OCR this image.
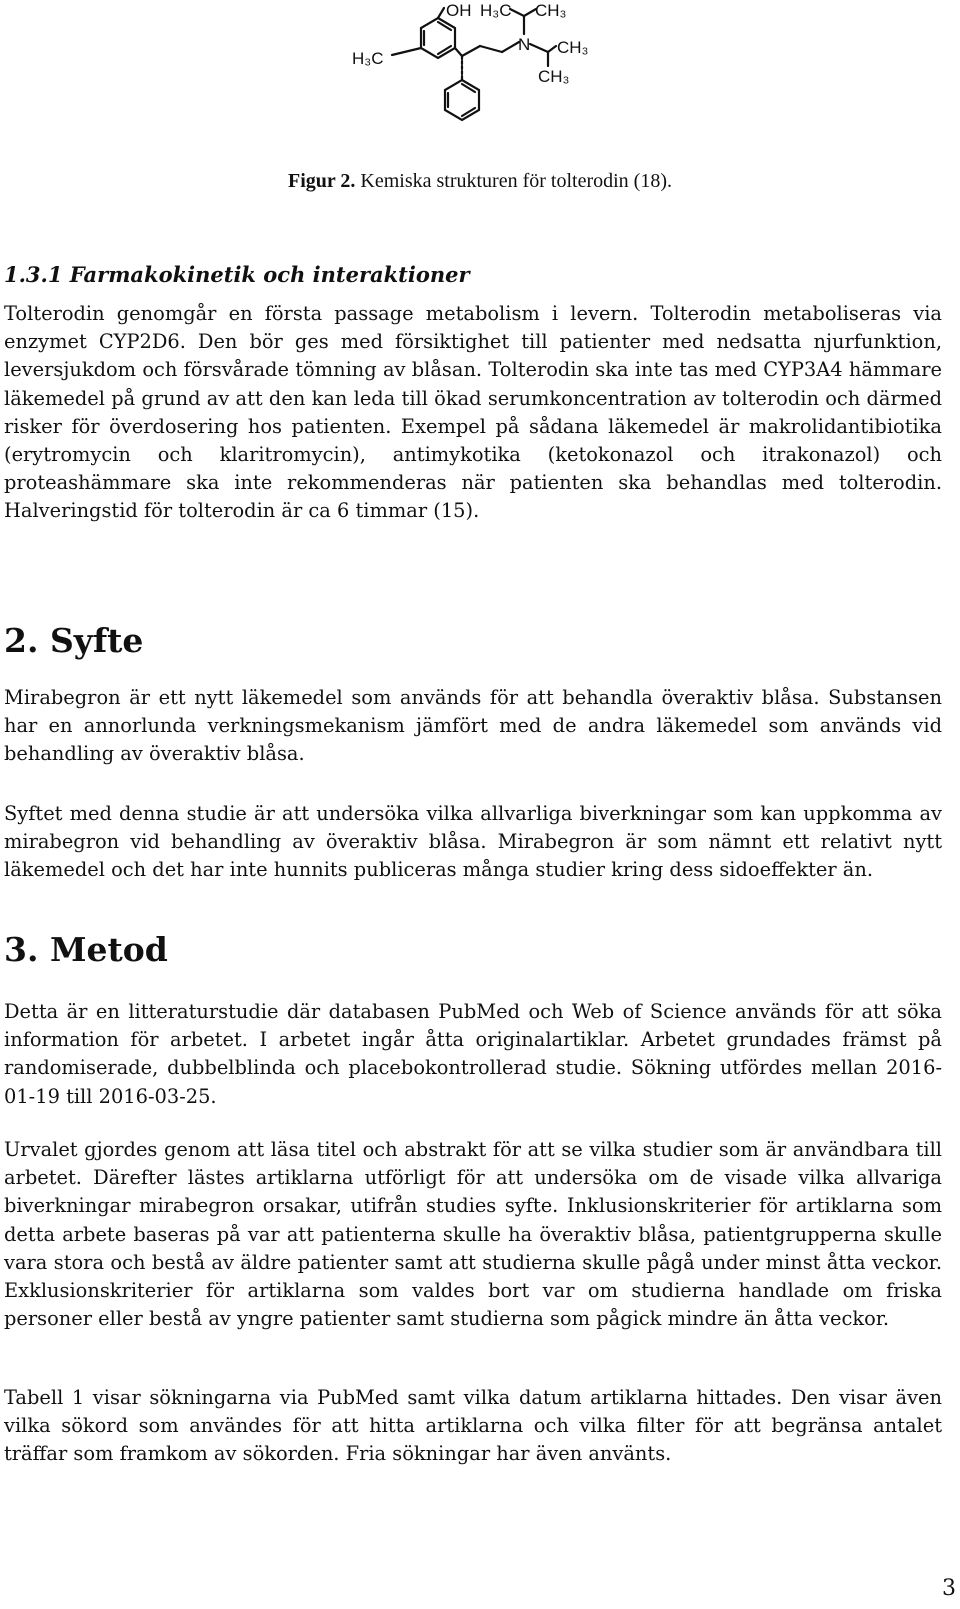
OH H₃C CH₃
N CH₃
CH₃
H₃C
Figur 2. Kemiska strukturen för tolterodin (18).
1.3.1 Farmakokinetik och interaktioner

Tolterodin genomgår en första passage metabolism i levern. Tolterodin metaboliseras via enzymet CYP2D6. Den bör ges med försiktighet till patienter med nedsatta njurfunktion, leversjukdom och försvårade tömning av blåsan. Tolterodin ska inte tas med CYP3A4 hämmare läkemedel på grund av att den kan leda till ökad serumkoncentration av tolterodin och därmed risker för överdosering hos patienten. Exempel på sådana läkemedel är makrolidantibiotika (erytromycin och klaritromycin), antimykotika (ketokonazol och itrakonazol) och proteashämmare ska inte rekommenderas när patienten ska behandlas med tolterodin. Halveringstid för tolterodin är ca 6 timmar (15).

2. Syfte

Mirabegron är ett nytt läkemedel som används för att behandla överaktiv blåsa. Substansen har en annorlunda verkningsmekanism jämfört med de andra läkemedel som används vid behandling av överaktiv blåsa.

Syftet med denna studie är att undersöka vilka allvarliga biverkningar som kan uppkomma av mirabegron vid behandling av överaktiv blåsa. Mirabegron är som nämnt ett relativt nytt läkemedel och det har inte hunnits publiceras många studier kring dess sidoeffekter än.

3. Metod

Detta är en litteraturstudie där databasen PubMed och Web of Science används för att söka information för arbetet. I arbetet ingår åtta originalartiklar. Arbetet grundades främst på randomiserade, dubbelblinda och placebokontrollerad studie. Sökning utfördes mellan 2016-01-19 till 2016-03-25.

Urvalet gjordes genom att läsa titel och abstrakt för att se vilka studier som är användbara till arbetet. Därefter lästes artiklarna utförligt för att undersöka om de visade vilka allvariga biverkningar mirabegron orsakar, utifrån studies syfte. Inklusionskriterier för artiklarna som detta arbete baseras på var att patienterna skulle ha överaktiv blåsa, patientgrupperna skulle vara stora och bestå av äldre patienter samt att studierna skulle pågå under minst åtta veckor. Exklusionskriterier för artiklarna som valdes bort var om studierna handlade om friska personer eller bestå av yngre patienter samt studierna som pågick mindre än åtta veckor.

Tabell 1 visar sökningarna via PubMed samt vilka datum artiklarna hittades. Den visar även vilka sökord som användes för att hitta artiklarna och vilka filter för att begränsa antalet träffar som framkom av sökorden. Fria sökningar har även använts.

3
